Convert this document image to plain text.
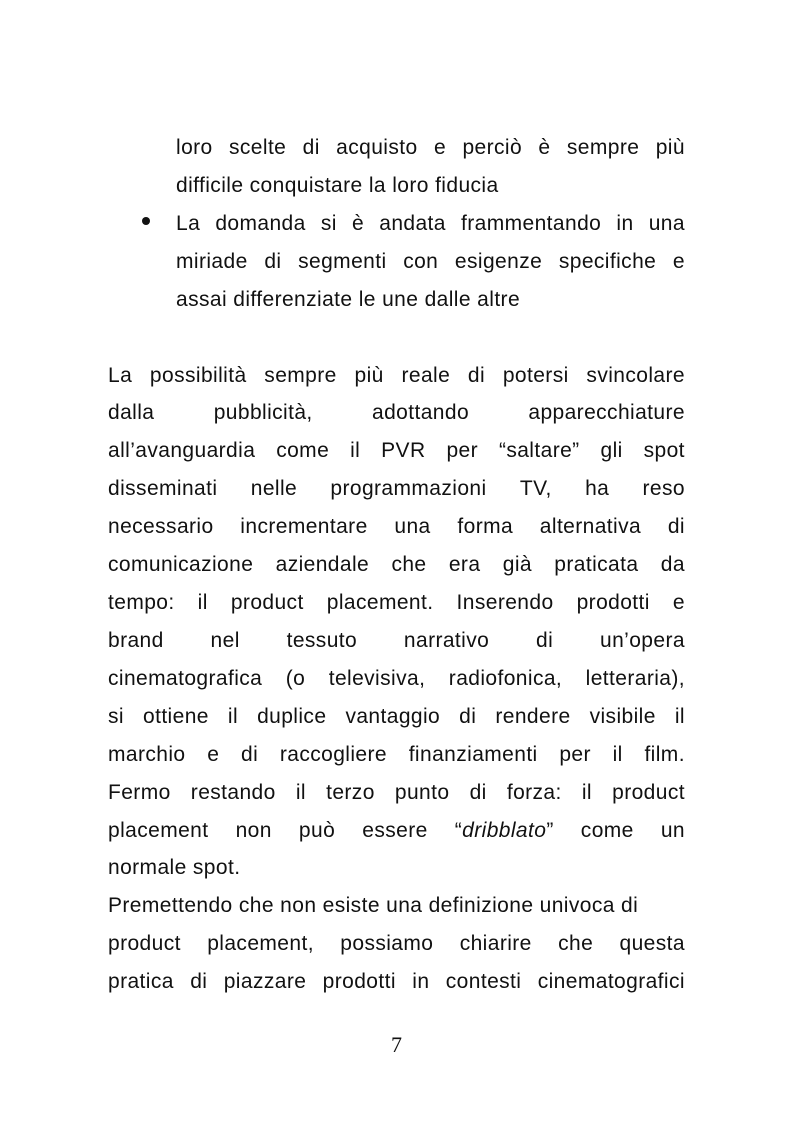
loro scelte di acquisto e perciò è sempre più
difficile conquistare la loro fiducia
La domanda si è andata frammentando in una
miriade di segmenti con esigenze specifiche e
assai differenziate le une dalle altre
La possibilità sempre più reale di potersi svincolare
dalla	pubblicità,	adottando	apparecchiature
all’avanguardia come il PVR per “saltare” gli spot
disseminati nelle programmazioni TV, ha reso
necessario incrementare una forma alternativa di
comunicazione aziendale che era già praticata da
tempo: il product placement. Inserendo prodotti e
brand nel tessuto narrativo di un’opera
cinematografica (o televisiva, radiofonica, letteraria),
si ottiene il duplice vantaggio di rendere visibile il
marchio e di raccogliere finanziamenti per il film.
Fermo restando il terzo punto di forza: il product
placement non può essere “dribblato” come un
normale spot.
Premettendo che non esiste una definizione univoca di
product placement, possiamo chiarire che questa
pratica di piazzare prodotti in contesti cinematografici
7
